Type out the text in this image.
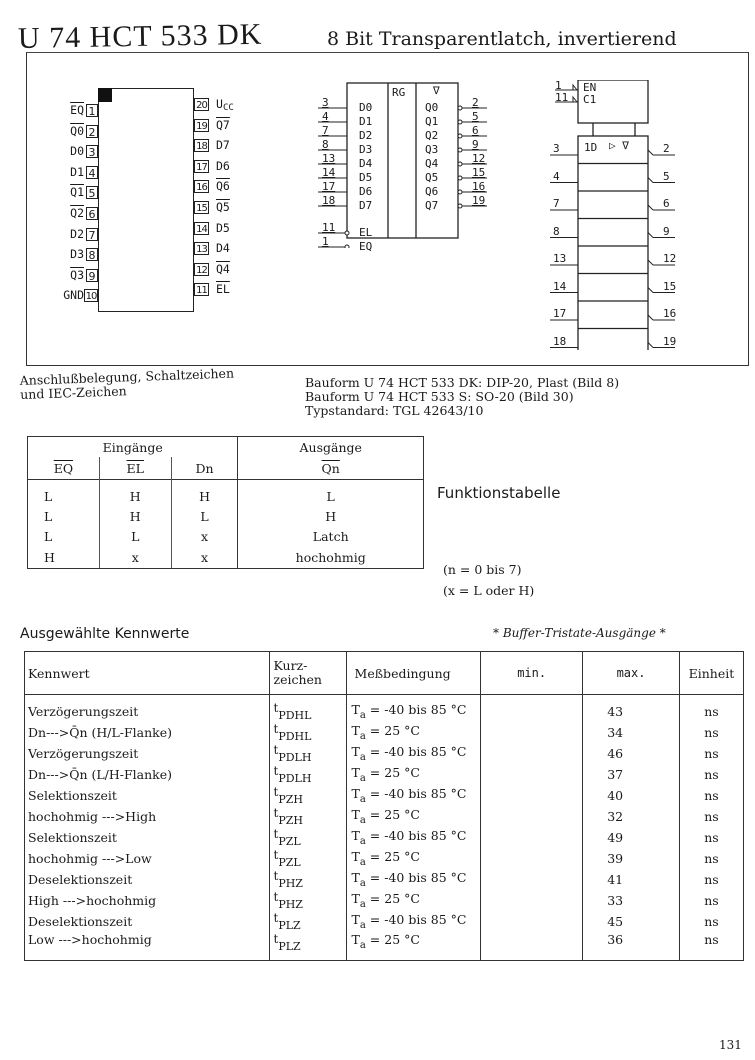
U 74 HCT 533 DK	8 Bit Transparentlatch, invertierend
$\overline{EQ}$ 1
Q0 2
D0 3
D1 4
Q1 5
Q2 6
D2 7
D3 8
Q3 9
GND 10
20 UCC
19 Q7
18 D7
17 D6
16 Q6
15 Q5
14 D5
13 D4
12 Q4
11 $\overline{EL}$
3	D0
4	D1
7	D2
8	D3
13 D4
14 D5
17 D6
18 D7
Q0	2
Q1	5
Q2	6
Q3	9
Q4	12
Q5	15
Q6	16
Q7	19
11 EL
1	EQ
RG	∇	1 EN
11 C1
3	2
4	5
7	6
8	9
13	12
14	15
17	16
18	19
1D ▷ ∇
Anschlußbelegung, Schaltzeichen
und IEC-Zeichen
Bauform U 74 HCT 533 DK: DIP-20, Plast (Bild 8)
Bauform U 74 HCT 533 S: SO-20 (Bild 30)
Typstandard: TGL 42643/10
Eingänge			Ausgänge
$\overline{EQ}$	$\overline{EL}$	Dn	$\overline{Qn}$
L	H	H	L
L	H	L	H
L	L	x	Latch
H	x	x	hochohmig
Funktionstabelle
(n = 0 bis 7)
(x = L oder H)
Ausgewählte Kennwerte	* Buffer-Tristate-Ausgänge *
Kennwert	Kurz-
zeichen	Meßbedingung	min.	max.	Einheit
Verzögerungszeit	tPDHL	$T_a = -40$ bis 85 °C		43	ns
Dn--->Q̄n (H/L-Flanke)	tPDHL	$T_a = 25$ °C		34	ns
Verzögerungszeit	tPDLH	$T_a = -40$ bis 85 °C		46	ns
Dn--->Q̄n (L/H-Flanke)	tPDLH	$T_a = 25$ °C		37	ns
Selektionszeit	tPZH	$T_a = -40$ bis 85 °C		40	ns
hochohmig --->High	tPZH	$T_a = 25$ °C		32	ns
Selektionszeit	tPZL	$T_a = -40$ bis 85 °C		49	ns
hochohmig --->Low	tPZL	$T_a = 25$ °C		39	ns
Deselektionszeit	tPHZ	$T_a = -40$ bis 85 °C		41	ns
High --->hochohmig	tPHZ	$T_a = 25$ °C		33	ns
Deselektionszeit	tPLZ	$T_a = -40$ bis 85 °C		45	ns
Low --->hochohmig	tPLZ	$T_a = 25$ °C		36	ns
131
